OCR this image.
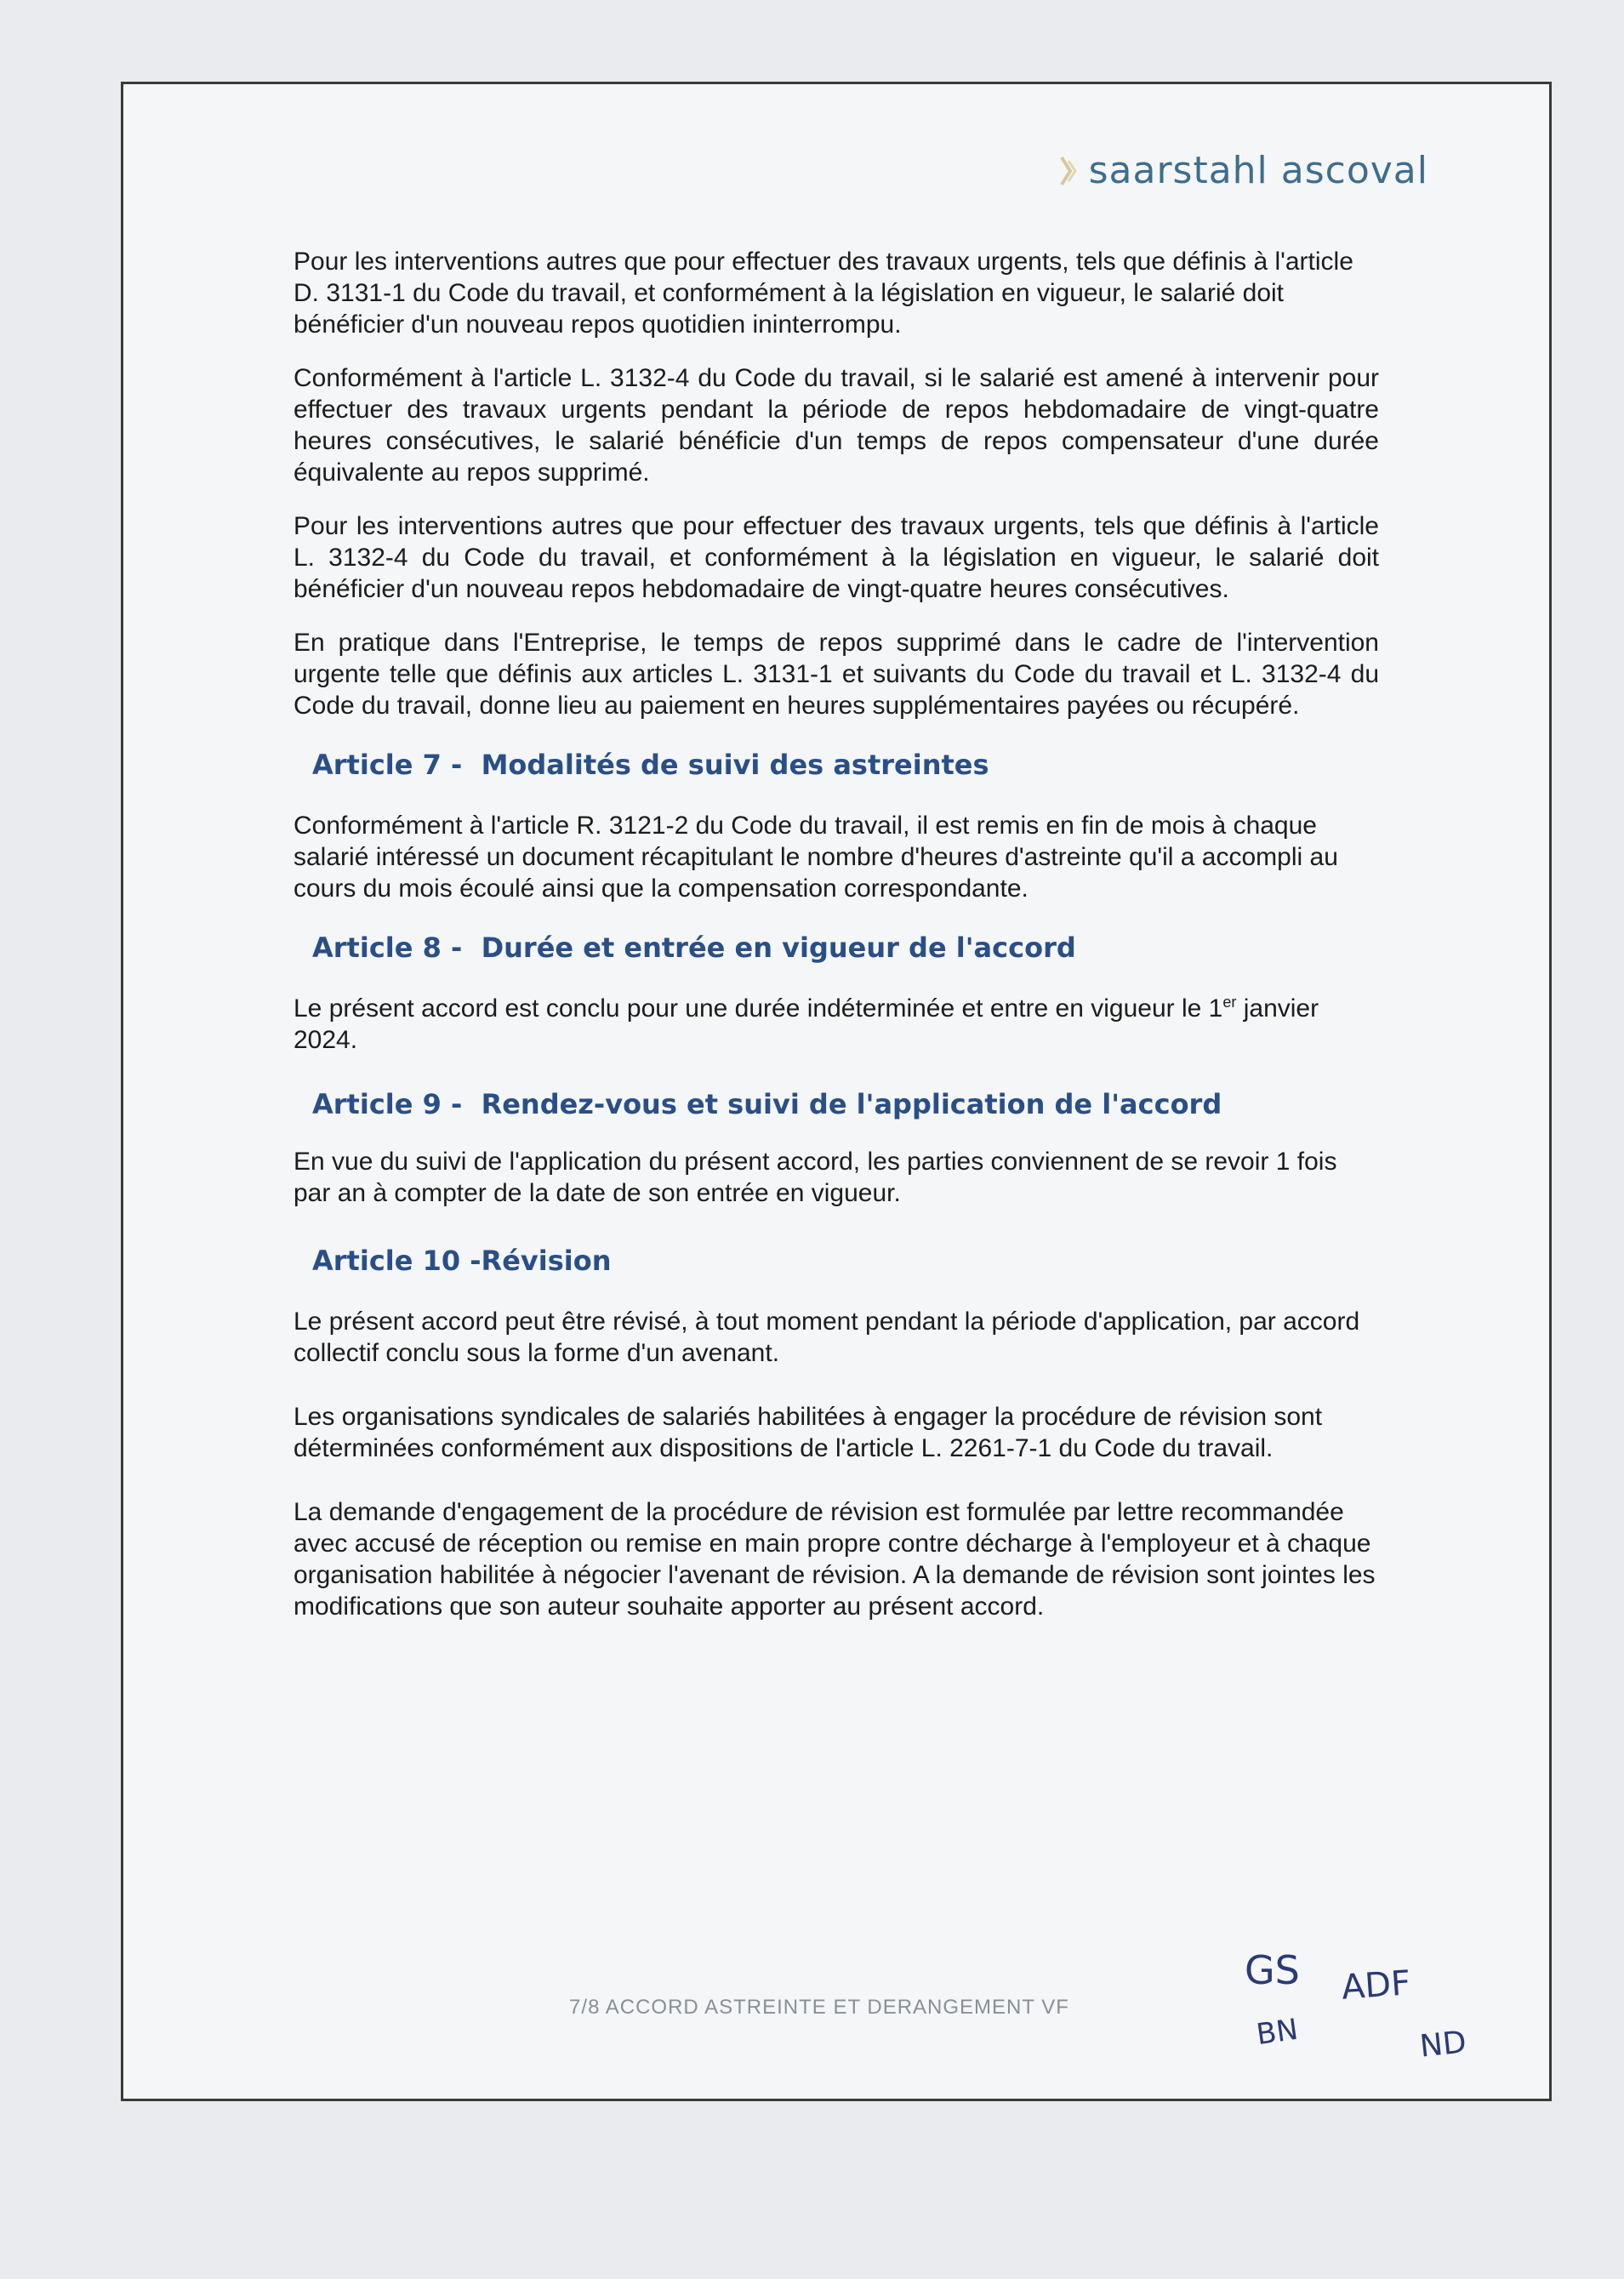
saarstahl ascoval

Pour les interventions autres que pour effectuer des travaux urgents, tels que définis à l'article D. 3131-1 du Code du travail, et conformément à la législation en vigueur, le salarié doit bénéficier d'un nouveau repos quotidien ininterrompu.

Conformément à l'article L. 3132-4 du Code du travail, si le salarié est amené à intervenir pour effectuer des travaux urgents pendant la période de repos hebdomadaire de vingt-quatre heures consécutives, le salarié bénéficie d'un temps de repos compensateur d'une durée équivalente au repos supprimé.

Pour les interventions autres que pour effectuer des travaux urgents, tels que définis à l'article L. 3132-4 du Code du travail, et conformément à la législation en vigueur, le salarié doit bénéficier d'un nouveau repos hebdomadaire de vingt-quatre heures consécutives.

En pratique dans l'Entreprise, le temps de repos supprimé dans le cadre de l'intervention urgente telle que définis aux articles L. 3131-1 et suivants du Code du travail et L. 3132-4 du Code du travail, donne lieu au paiement en heures supplémentaires payées ou récupéré.

Article 7 -  Modalités de suivi des astreintes

Conformément à l'article R. 3121-2 du Code du travail, il est remis en fin de mois à chaque salarié intéressé un document récapitulant le nombre d'heures d'astreinte qu'il a accompli au cours du mois écoulé ainsi que la compensation correspondante.

Article 8 -  Durée et entrée en vigueur de l'accord

Le présent accord est conclu pour une durée indéterminée et entre en vigueur le 1er janvier 2024.

Article 9 -  Rendez-vous et suivi de l'application de l'accord

En vue du suivi de l'application du présent accord, les parties conviennent de se revoir 1 fois par an à compter de la date de son entrée en vigueur.

Article 10 -Révision

Le présent accord peut être révisé, à tout moment pendant la période d'application, par accord collectif conclu sous la forme d'un avenant.

Les organisations syndicales de salariés habilitées à engager la procédure de révision sont déterminées conformément aux dispositions de l'article L. 2261-7-1 du Code du travail.

La demande d'engagement de la procédure de révision est formulée par lettre recommandée avec accusé de réception ou remise en main propre contre décharge à l'employeur et à chaque organisation habilitée à négocier l'avenant de révision. A la demande de révision sont jointes les modifications que son auteur souhaite apporter au présent accord.

7/8 ACCORD ASTREINTE ET DERANGEMENT VF
GS ADF
BN	ND
